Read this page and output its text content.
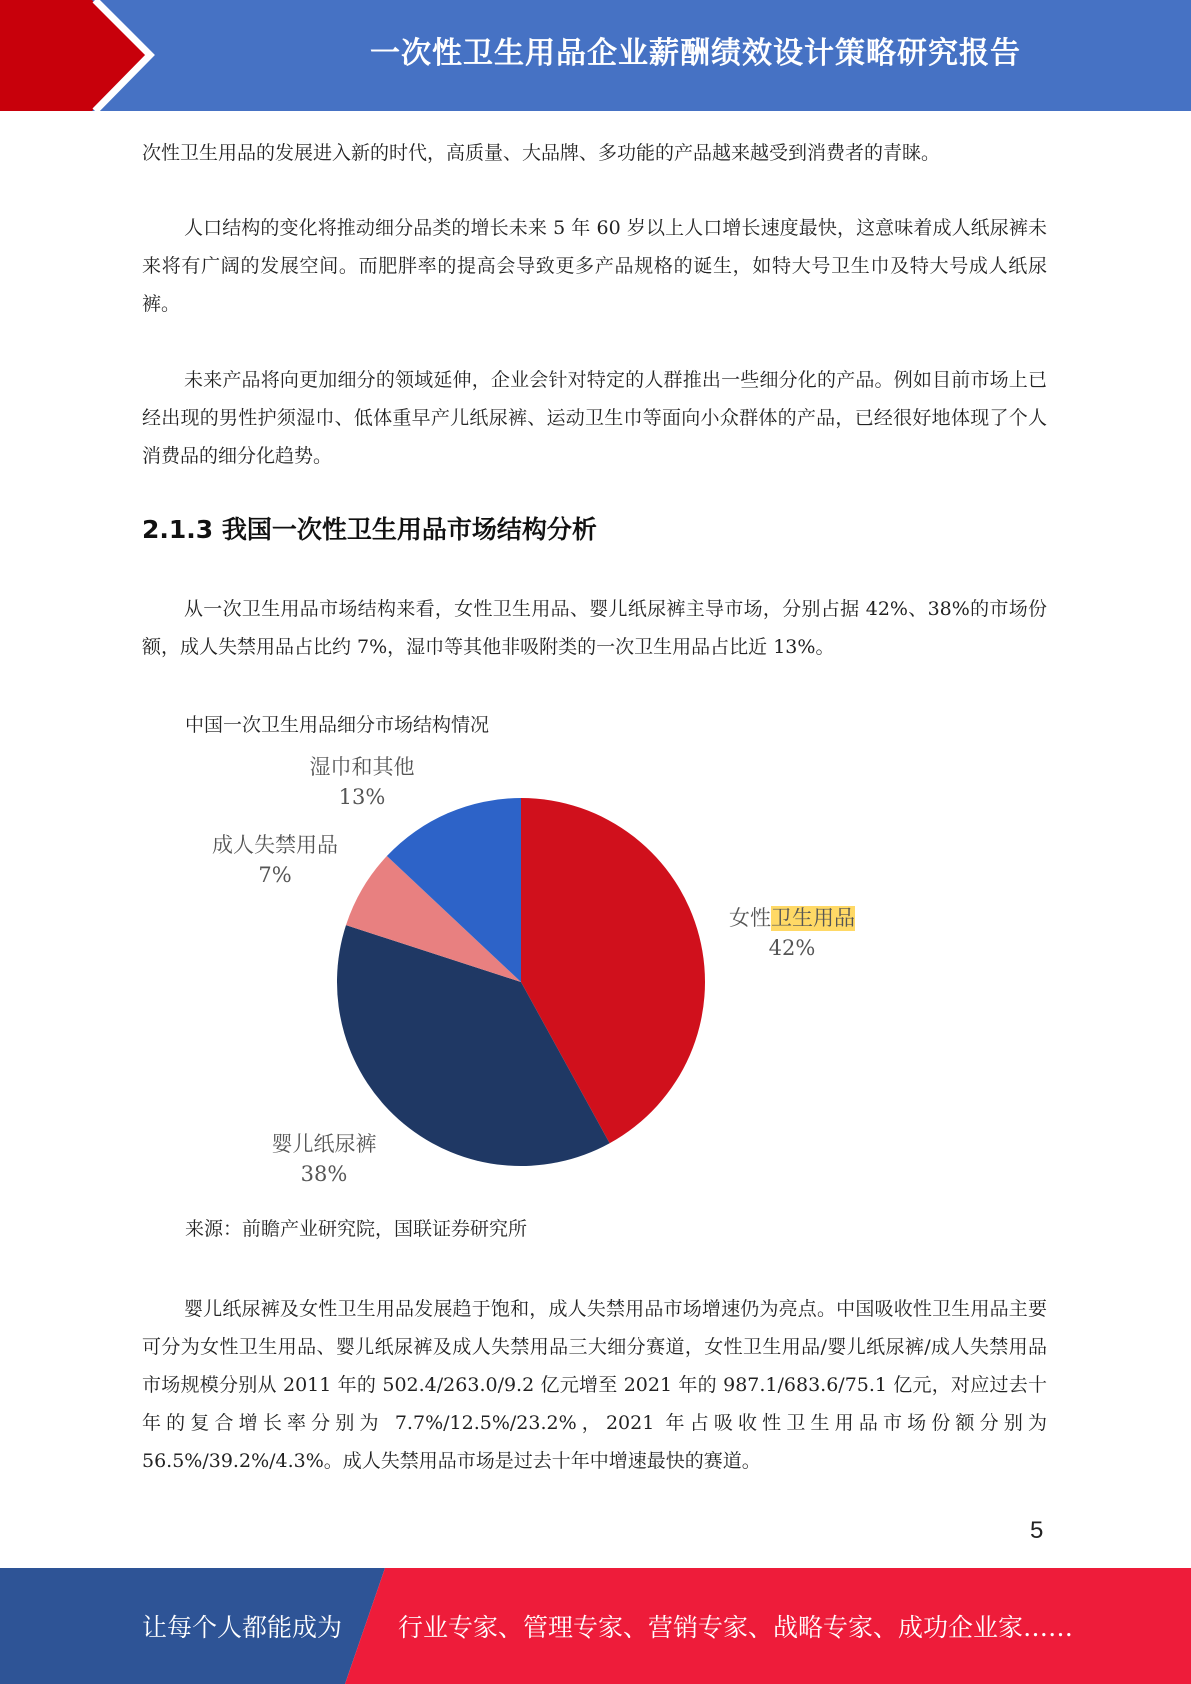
一次性卫生用品企业薪酬绩效设计策略研究报告

次性卫生用品的发展进入新的时代，高质量、大品牌、多功能的产品越来越受到消费者的青睐。

人口结构的变化将推动细分品类的增长未来 5 年 60 岁以上人口增长速度最快，这意味着成人纸尿裤未来将有广阔的发展空间。而肥胖率的提高会导致更多产品规格的诞生，如特大号卫生巾及特大号成人纸尿裤。

未来产品将向更加细分的领域延伸，企业会针对特定的人群推出一些细分化的产品。例如目前市场上已经出现的男性护须湿巾、低体重早产儿纸尿裤、运动卫生巾等面向小众群体的产品，已经很好地体现了个人消费品的细分化趋势。

2.1.3 我国一次性卫生用品市场结构分析

从一次卫生用品市场结构来看，女性卫生用品、婴儿纸尿裤主导市场，分别占据 42%、38%的市场份额，成人失禁用品占比约 7%，湿巾等其他非吸附类的一次卫生用品占比近 13%。

中国一次卫生用品细分市场结构情况

女性卫生用品
42%
婴儿纸尿裤
38%
成人失禁用品
7%
湿巾和其他
13%

来源：前瞻产业研究院，国联证券研究所

婴儿纸尿裤及女性卫生用品发展趋于饱和，成人失禁用品市场增速仍为亮点。中国吸收性卫生用品主要可分为女性卫生用品、婴儿纸尿裤及成人失禁用品三大细分赛道，女性卫生用品/婴儿纸尿裤/成人失禁用品市场规模分别从 2011 年的 502.4/263.0/9.2 亿元增至 2021 年的 987.1/683.6/75.1 亿元，对应过去十年的复合增长率分别为 7.7%/12.5%/23.2%，2021 年占吸收性卫生用品市场份额分别为 56.5%/39.2%/4.3%。成人失禁用品市场是过去十年中增速最快的赛道。

5
让每个人都能成为 行业专家、管理专家、营销专家、战略专家、成功企业家……
